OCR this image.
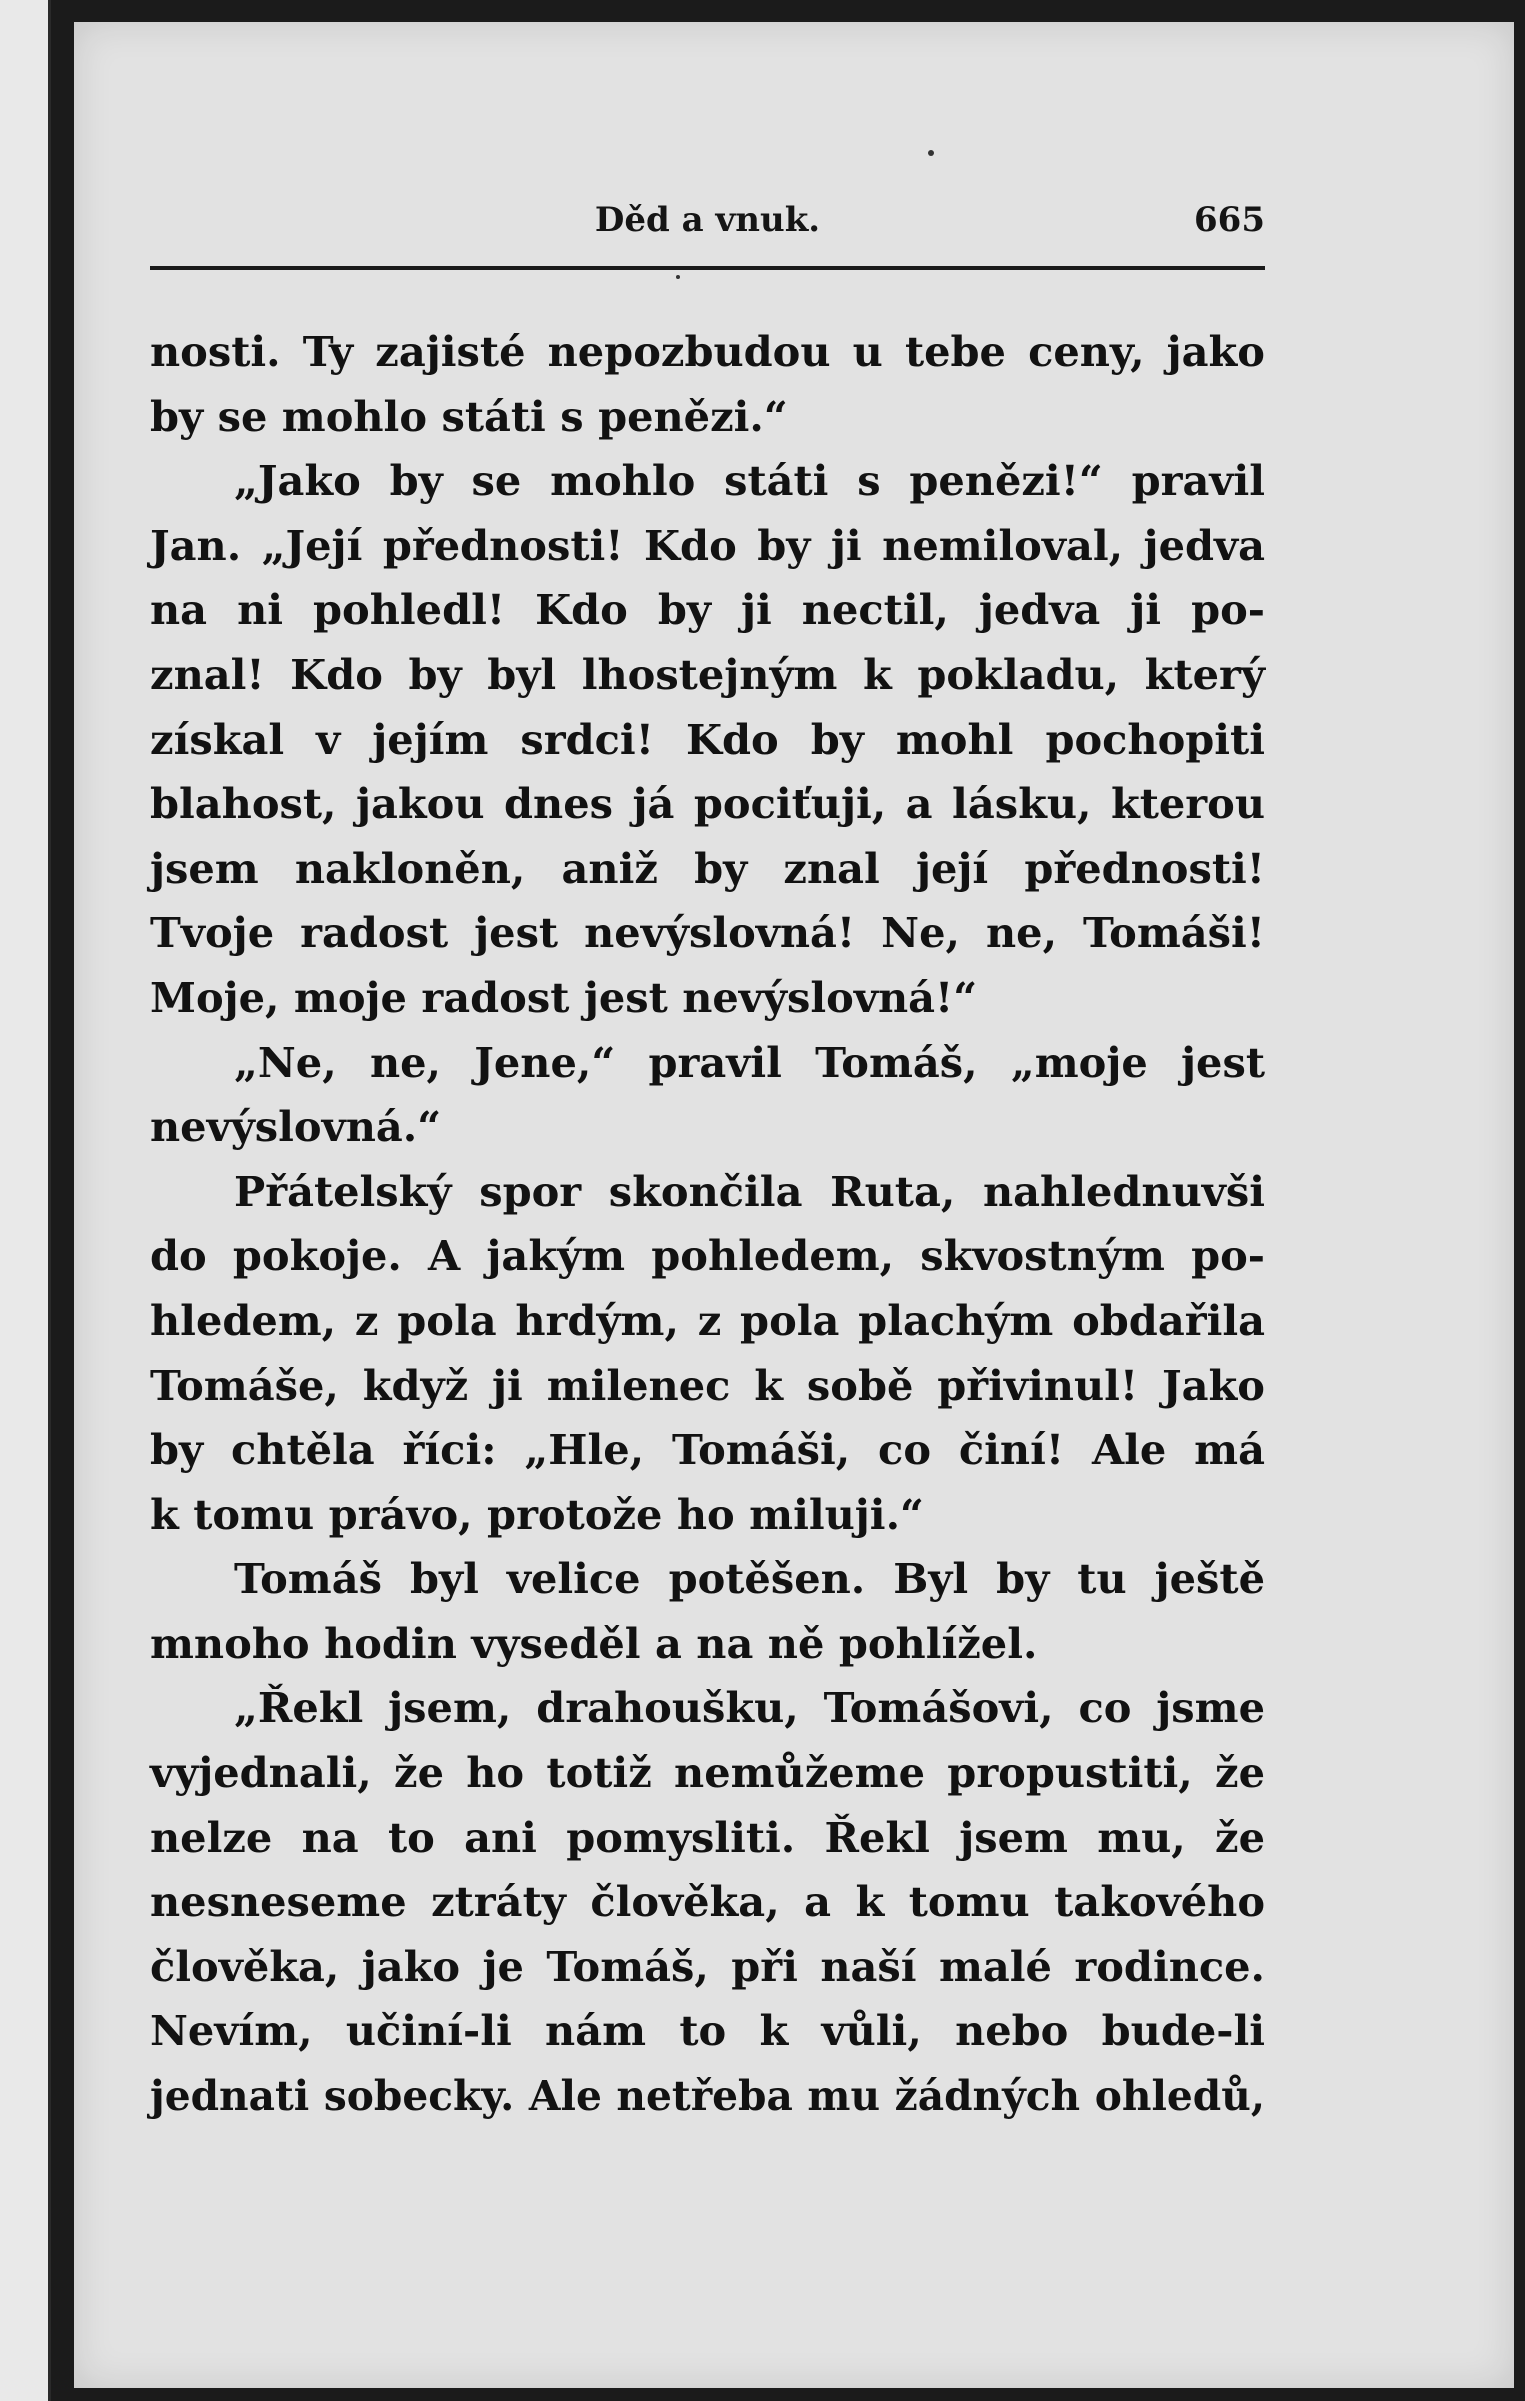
Děd a vnuk.	665
nosti. Ty zajisté nepozbudou u tebe ceny, jako
by se mohlo státi s penězi.“
„Jako by se mohlo státi s penězi!“ pravil
Jan. „Její přednosti! Kdo by ji nemiloval, jedva
na ni pohledl! Kdo by ji nectil, jedva ji po-
znal! Kdo by byl lhostejným k pokladu, který
získal v jejím srdci! Kdo by mohl pochopiti
blahost, jakou dnes já pociťuji, a lásku, kterou
jsem nakloněn, aniž by znal její přednosti!
Tvoje radost jest nevýslovná! Ne, ne, Tomáši!
Moje, moje radost jest nevýslovná!“
„Ne, ne, Jene,“ pravil Tomáš, „moje jest
nevýslovná.“
Přátelský spor skončila Ruta, nahlednuvši
do pokoje. A jakým pohledem, skvostným po-
hledem, z pola hrdým, z pola plachým obdařila
Tomáše, když ji milenec k sobě přivinul! Jako
by chtěla říci: „Hle, Tomáši, co činí! Ale má
k tomu právo, protože ho miluji.“
Tomáš byl velice potěšen. Byl by tu ještě
mnoho hodin vyseděl a na ně pohlížel.
„Řekl jsem, drahoušku, Tomášovi, co jsme
vyjednali, že ho totiž nemůžeme propustiti, že
nelze na to ani pomysliti. Řekl jsem mu, že
nesneseme ztráty člověka, a k tomu takového
člověka, jako je Tomáš, při naší malé rodince.
Nevím, učiní-li nám to k vůli, nebo bude-li
jednati sobecky. Ale netřeba mu žádných ohledů,
